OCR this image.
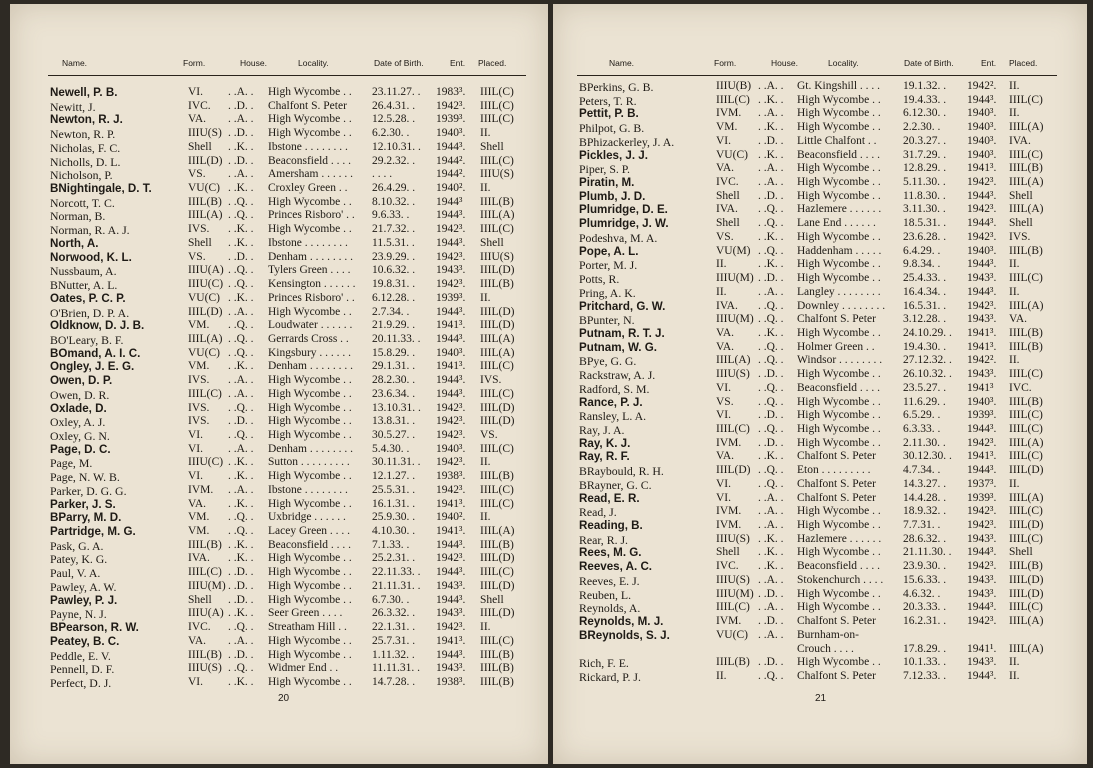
Name.	Form.	House.	Locality.	Date of Birth.	Ent. Placed.
Newell, P. B.	VI. . .A. . High Wycombe . . 23.11.27. . 1983³. IIIL(C)
Newitt, J.	IVC. . .D. . Chalfont S. Peter 26.4.31. . 1942³. IIIL(C)
Newton, R. J.	VA. . .A. . High Wycombe . . 12.5.28. . 1939³. IIIL(C)
Newton, R. P.	IIIU(S) . .D. . High Wycombe . . 6.2.30. . 1940³. II.
Nicholas, F. C.	Shell . .K. . Ibstone . . . . . . . . 12.10.31. . 1944³. Shell
Nicholls, D. L.	IIIL(D) . .D. . Beaconsfield . . . . 29.2.32. . 1944². IIIL(C)
Nicholson, P.	VS. . .A. . Amersham . . . . . . . . . .	1944². IIIU(S)
BNightingale, D. T.	VU(C) . .K. . Croxley Green . . 26.4.29. . 1940². II.
Norcott, T. C.	IIIL(B) . .Q. . High Wycombe . . 8.10.32. . 1944³ IIIL(B)
Norman, B.	IIIL(A) . .Q. . Princes Risboro' . . 9.6.33. . 1944³. IIIL(A)
Norman, R. A. J.	IVS. . .K. . High Wycombe . . 21.7.32. . 1942³. IIIL(C)
North, A.	Shell . .K. . Ibstone . . . . . . . . 11.5.31. . 1944³. Shell
Norwood, K. L.	VS. . .D. . Denham . . . . . . . . 23.9.29. . 1942³. IIIU(S)
Nussbaum, A.	IIIU(A) . .Q. . Tylers Green . . . . 10.6.32. . 1943³. IIIL(D)
BNutter, A. L.	IIIU(C) . .Q. . Kensington . . . . . . 19.8.31. . 1942³. IIIL(B)
Oates, P. C. P.	VU(C) . .K. . Princes Risboro' . . 6.12.28. . 1939³. II.
O'Brien, D. P. A.	IIIL(D) . .A. . High Wycombe . . 2.7.34. . 1944³. IIIL(D)
Oldknow, D. J. B.	VM. . .Q. . Loudwater . . . . . . 21.9.29. . 1941³. IIIL(D)
BO'Leary, B. F.	IIIL(A) . .Q. . Gerrards Cross . . 20.11.33. . 1944³. IIIL(A)
BOmand, A. I. C.	VU(C) . .Q. . Kingsbury . . . . . . 15.8.29. . 1940³. IIIL(A)
Ongley, J. E. G.	VM. . .K. . Denham . . . . . . . . 29.1.31. . 1941³. IIIL(C)
Owen, D. P.	IVS. . .A. . High Wycombe . . 28.2.30. . 1944³. IVS.
Owen, D. R.	IIIL(C) . .A. . High Wycombe . . 23.6.34. . 1944³. IIIL(C)
Oxlade, D.	IVS. . .Q. . High Wycombe . . 13.10.31. . 1942³. IIIL(D)
Oxley, A. J.	IVS. . .D. . High Wycombe . . 13.8.31. . 1942³. IIIL(D)
Oxley, G. N.	VI. . .Q. . High Wycombe . . 30.5.27. . 1942³. VS.
Page, D. C.	VI. . .A. . Denham . . . . . . . . 5.4.30. . 1940³. IIIL(C)
Page, M.	IIIU(C) . .K. . Sutton . . . . . . . . . 30.11.31. . 1942³. II.
Page, N. W. B.	VI. . .K. . High Wycombe . . 12.1.27. . 1938³. IIIL(B)
Parker, D. G. G.	IVM. . .A. . Ibstone . . . . . . . . 25.5.31. . 1942³. IIIL(C)
Parker, J. S.	VA. . .K. . High Wycombe . . 16.1.31. . 1941³. IIIL(C)
BParry, M. D.	VM. . .Q. . Uxbridge . . . . . . 25.9.30. . 1940². II.
Partridge, M. G.	VM. . .Q. . Lacey Green . . . . 4.10.30. . 1941³. IIIL(A)
Pask, G. A.	IIIL(B) . .K. . Beaconsfield . . . . 7.1.33. . 1944³. IIIL(B)
Patey, K. G.	IVA. . .K. . High Wycombe . . 25.2.31. . 1942³. IIIL(D)
Paul, V. A.	IIIL(C) . .D. . High Wycombe . . 22.11.33. . 1944³. IIIL(C)
Pawley, A. W.	IIIU(M) . .D. . High Wycombe . . 21.11.31. . 1943³. IIIL(D)
Pawley, P. J.	Shell . .D. . High Wycombe . . 6.7.30. . 1944³. Shell
Payne, N. J.	IIIU(A) . .K. . Seer Green . . . .	26.3.32. . 1943³. IIIL(D)
BPearson, R. W.	IVC. . .Q. . Streatham Hill . . 22.1.31. . 1942³. II.
Peatey, B. C.	VA. . .A. . High Wycombe . . 25.7.31. . 1941³. IIIL(C)
Peddle, E. V.	IIIL(B) . .D. . High Wycombe . . 1.11.32. . 1944³. IIIL(B)
Pennell, D. F.	IIIU(S) . .Q. . Widmer End . .	11.11.31. . 1943³. IIIL(B)
Perfect, D. J.	VI. . .K. . High Wycombe . . 14.7.28. . 1938³. IIIL(B)
20
Name.	Form.	House.	Locality.	Date of Birth.	Ent. Placed.
BPerkins, G. B.	IIIU(B) . .A. . Gt. Kingshill . . . . 19.1.32. . 1942². II.
Peters, T. R.	IIIL(C) . .K. . High Wycombe . . 19.4.33. . 1944³. IIIL(C)
Pettit, P. B.	IVM. . .A. . High Wycombe . . 6.12.30. . 1940³. II.
Philpot, G. B.	VM. . .K. . High Wycombe . . 2.2.30. . 1940³. IIIL(A)
BPhizackerley, J. A.	VI. . .D. . Little Chalfont . . 20.3.27. . 1940³. IVA.
Pickles, J. J.	VU(C) . .K. . Beaconsfield . . . . 31.7.29. . 1940³. IIIL(C)
Piper, S. P.	VA. . .A. . High Wycombe . . 12.8.29. . 1941³. IIIL(B)
Piratin, M.	IVC. . .A. . High Wycombe . . 5.11.30. . 1942³. IIIL(A)
Plumb, J. D.	Shell . .D. . High Wycombe . . 11.8.30. . 1944³. Shell
Plumridge, D. E.	IVA. . .Q. . Hazlemere . . . . . . 3.11.30. . 1942³. IIIL(A)
Plumridge, J. W.	Shell . .Q. . Lane End . . . . . . 18.5.31. . 1944³. Shell
Podeshva, M. A.	VS. . .K. . High Wycombe . . 23.6.28. . 1942³. IVS.
Pope, A. L.	VU(M) . .Q. . Haddenham . . . . . 6.4.29. . 1940³. IIIL(B)
Porter, M. J.	II.	. .K. . High Wycombe . . 9.8.34. . 1944³. II.
Potts, R.	IIIU(M) . .D. . High Wycombe . . 25.4.33. . 1943³. IIIL(C)
Pring, A. K.	II.	. .A. . Langley . . . . . . . . 16.4.34. . 1944³. II.
Pritchard, G. W.	IVA. . .Q. . Downley . . . . . . . . 16.5.31. . 1942³. IIIL(A)
BPunter, N.	IIIU(M) . .Q. . Chalfont S. Peter 3.12.28. . 1943³. VA.
Putnam, R. T. J.	VA. . .K. . High Wycombe . . 24.10.29. . 1941³. IIIL(B)
Putnam, W. G.	VA. . .Q. . Holmer Green . . 19.4.30. . 1941³. IIIL(B)
BPye, G. G.	IIIL(A) . .Q. . Windsor . . . . . . . . 27.12.32. . 1942². II.
Rackstraw, A. J.	IIIU(S) . .D. . High Wycombe . . 26.10.32. . 1943³. IIIL(C)
Radford, S. M.	VI. . .Q. . Beaconsfield . . . . 23.5.27. . 1941³ IVC.
Rance, P. J.	VS. . .Q. . High Wycombe . . 11.6.29. . 1940³. IIIL(B)
Ransley, L. A.	VI. . .D. . High Wycombe . . 6.5.29. . 1939³. IIIL(C)
Ray, J. A.	IIIL(C) . .Q. . High Wycombe . . 6.3.33. . 1944³. IIIL(C)
Ray, K. J.	IVM. . .D. . High Wycombe . . 2.11.30. . 1942³. IIIL(A)
Ray, R. F.	VA. . .K. . Chalfont S. Peter 30.12.30. . 1941³. IIIL(C)
BRaybould, R. H.	IIIL(D) . .Q. . Eton . . . . . . . . .	4.7.34. . 1944³. IIIL(D)
BRayner, G. C.	VI. . .Q. . Chalfont S. Peter 14.3.27. . 1937³. II.
Read, E. R.	VI. . .A. . Chalfont S. Peter 14.4.28. . 1939³. IIIL(A)
Read, J.	IVM. . .A. . High Wycombe . . 18.9.32. . 1942³. IIIL(C)
Reading, B.	IVM. . .A. . High Wycombe . . 7.7.31. . 1942³. IIIL(D)
Rear, R. J.	IIIU(S) . .K. . Hazlemere . . . . . . 28.6.32. . 1943³. IIIL(C)
Rees, M. G.	Shell . .K. . High Wycombe . . 21.11.30. . 1944³. Shell
Reeves, A. C.	IVC. . .K. . Beaconsfield . . . . 23.9.30. . 1942³. IIIL(B)
Reeves, E. J.	IIIU(S) . .A. . Stokenchurch . . . . 15.6.33. . 1943³. IIIL(D)
Reuben, L.	IIIU(M) . .D. . High Wycombe . . 4.6.32. . 1943³. IIIL(D)
Reynolds, A.	IIIL(C) . .A. . High Wycombe . . 20.3.33. . 1944³. IIIL(C)
Reynolds, M. J.	IVM. . .D. . Chalfont S. Peter 16.2.31. . 1942³. IIIL(A)
BReynolds, S. J.	VU(C) . .A. . Burnham-on-
Crouch . . . .	17.8.29. . 1941¹. IIIL(A)
Rich, F. E.	IIIL(B) . .D. . High Wycombe . . 10.1.33. . 1943³. II.
Rickard, P. J.	II.	. .Q. . Chalfont S. Peter 7.12.33. . 1944³. II.
21
